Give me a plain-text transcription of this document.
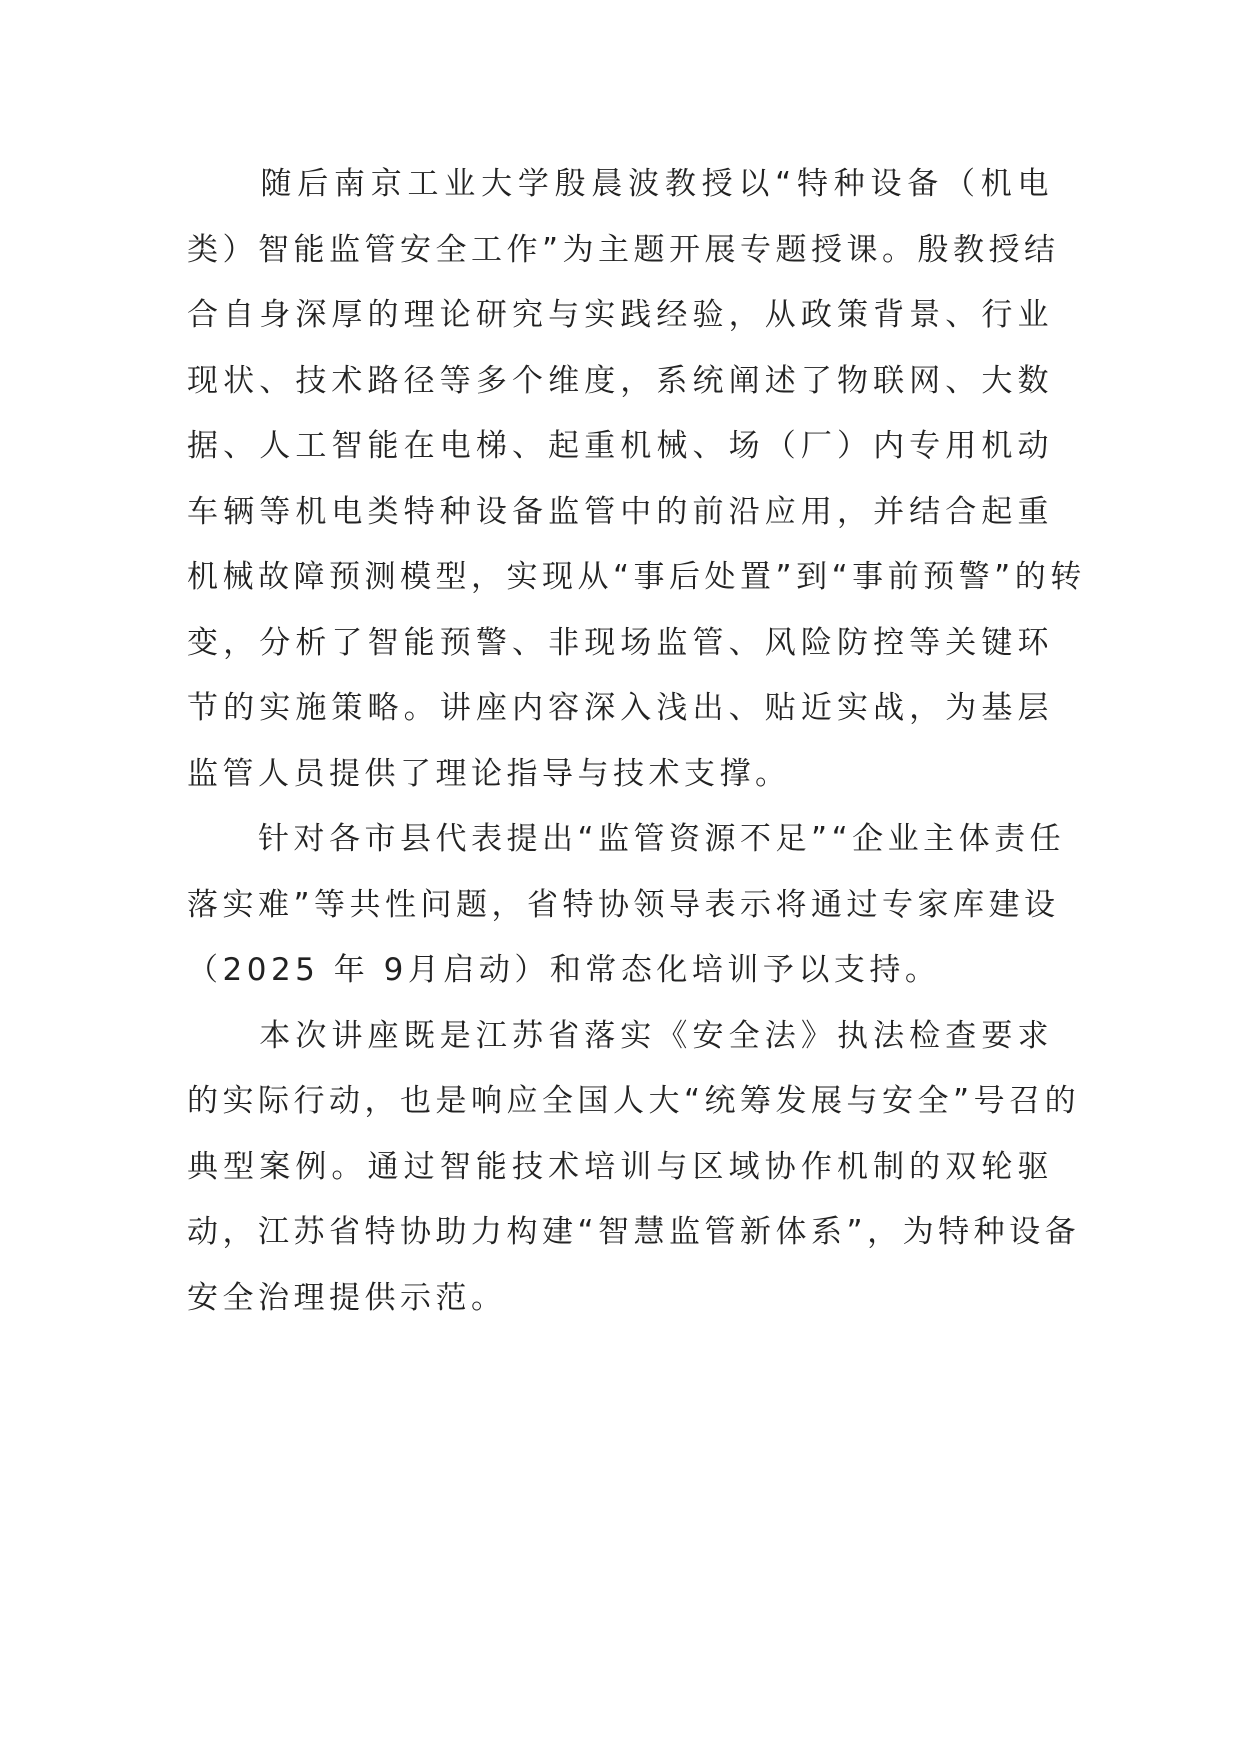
　　随后南京工业大学殷晨波教授以“特种设备（机电
类）智能监管安全工作”为主题开展专题授课。殷教授结
合自身深厚的理论研究与实践经验，从政策背景、行业
现状、技术路径等多个维度，系统阐述了物联网、大数
据、人工智能在电梯、起重机械、场（厂）内专用机动
车辆等机电类特种设备监管中的前沿应用，并结合起重
机械故障预测模型，实现从“事后处置”到“事前预警”的转
变，分析了智能预警、非现场监管、风险防控等关键环
节的实施策略。讲座内容深入浅出、贴近实战，为基层
监管人员提供了理论指导与技术支撑。
　　针对各市县代表提出“监管资源不足”“企业主体责任
落实难”等共性问题，省特协领导表示将通过专家库建设
（2025 年 9月启动）和常态化培训予以支持。
　　本次讲座既是江苏省落实《安全法》执法检查要求
的实际行动，也是响应全国人大“统筹发展与安全”号召的
典型案例。通过智能技术培训与区域协作机制的双轮驱
动，江苏省特协助力构建“智慧监管新体系”，为特种设备
安全治理提供示范。
